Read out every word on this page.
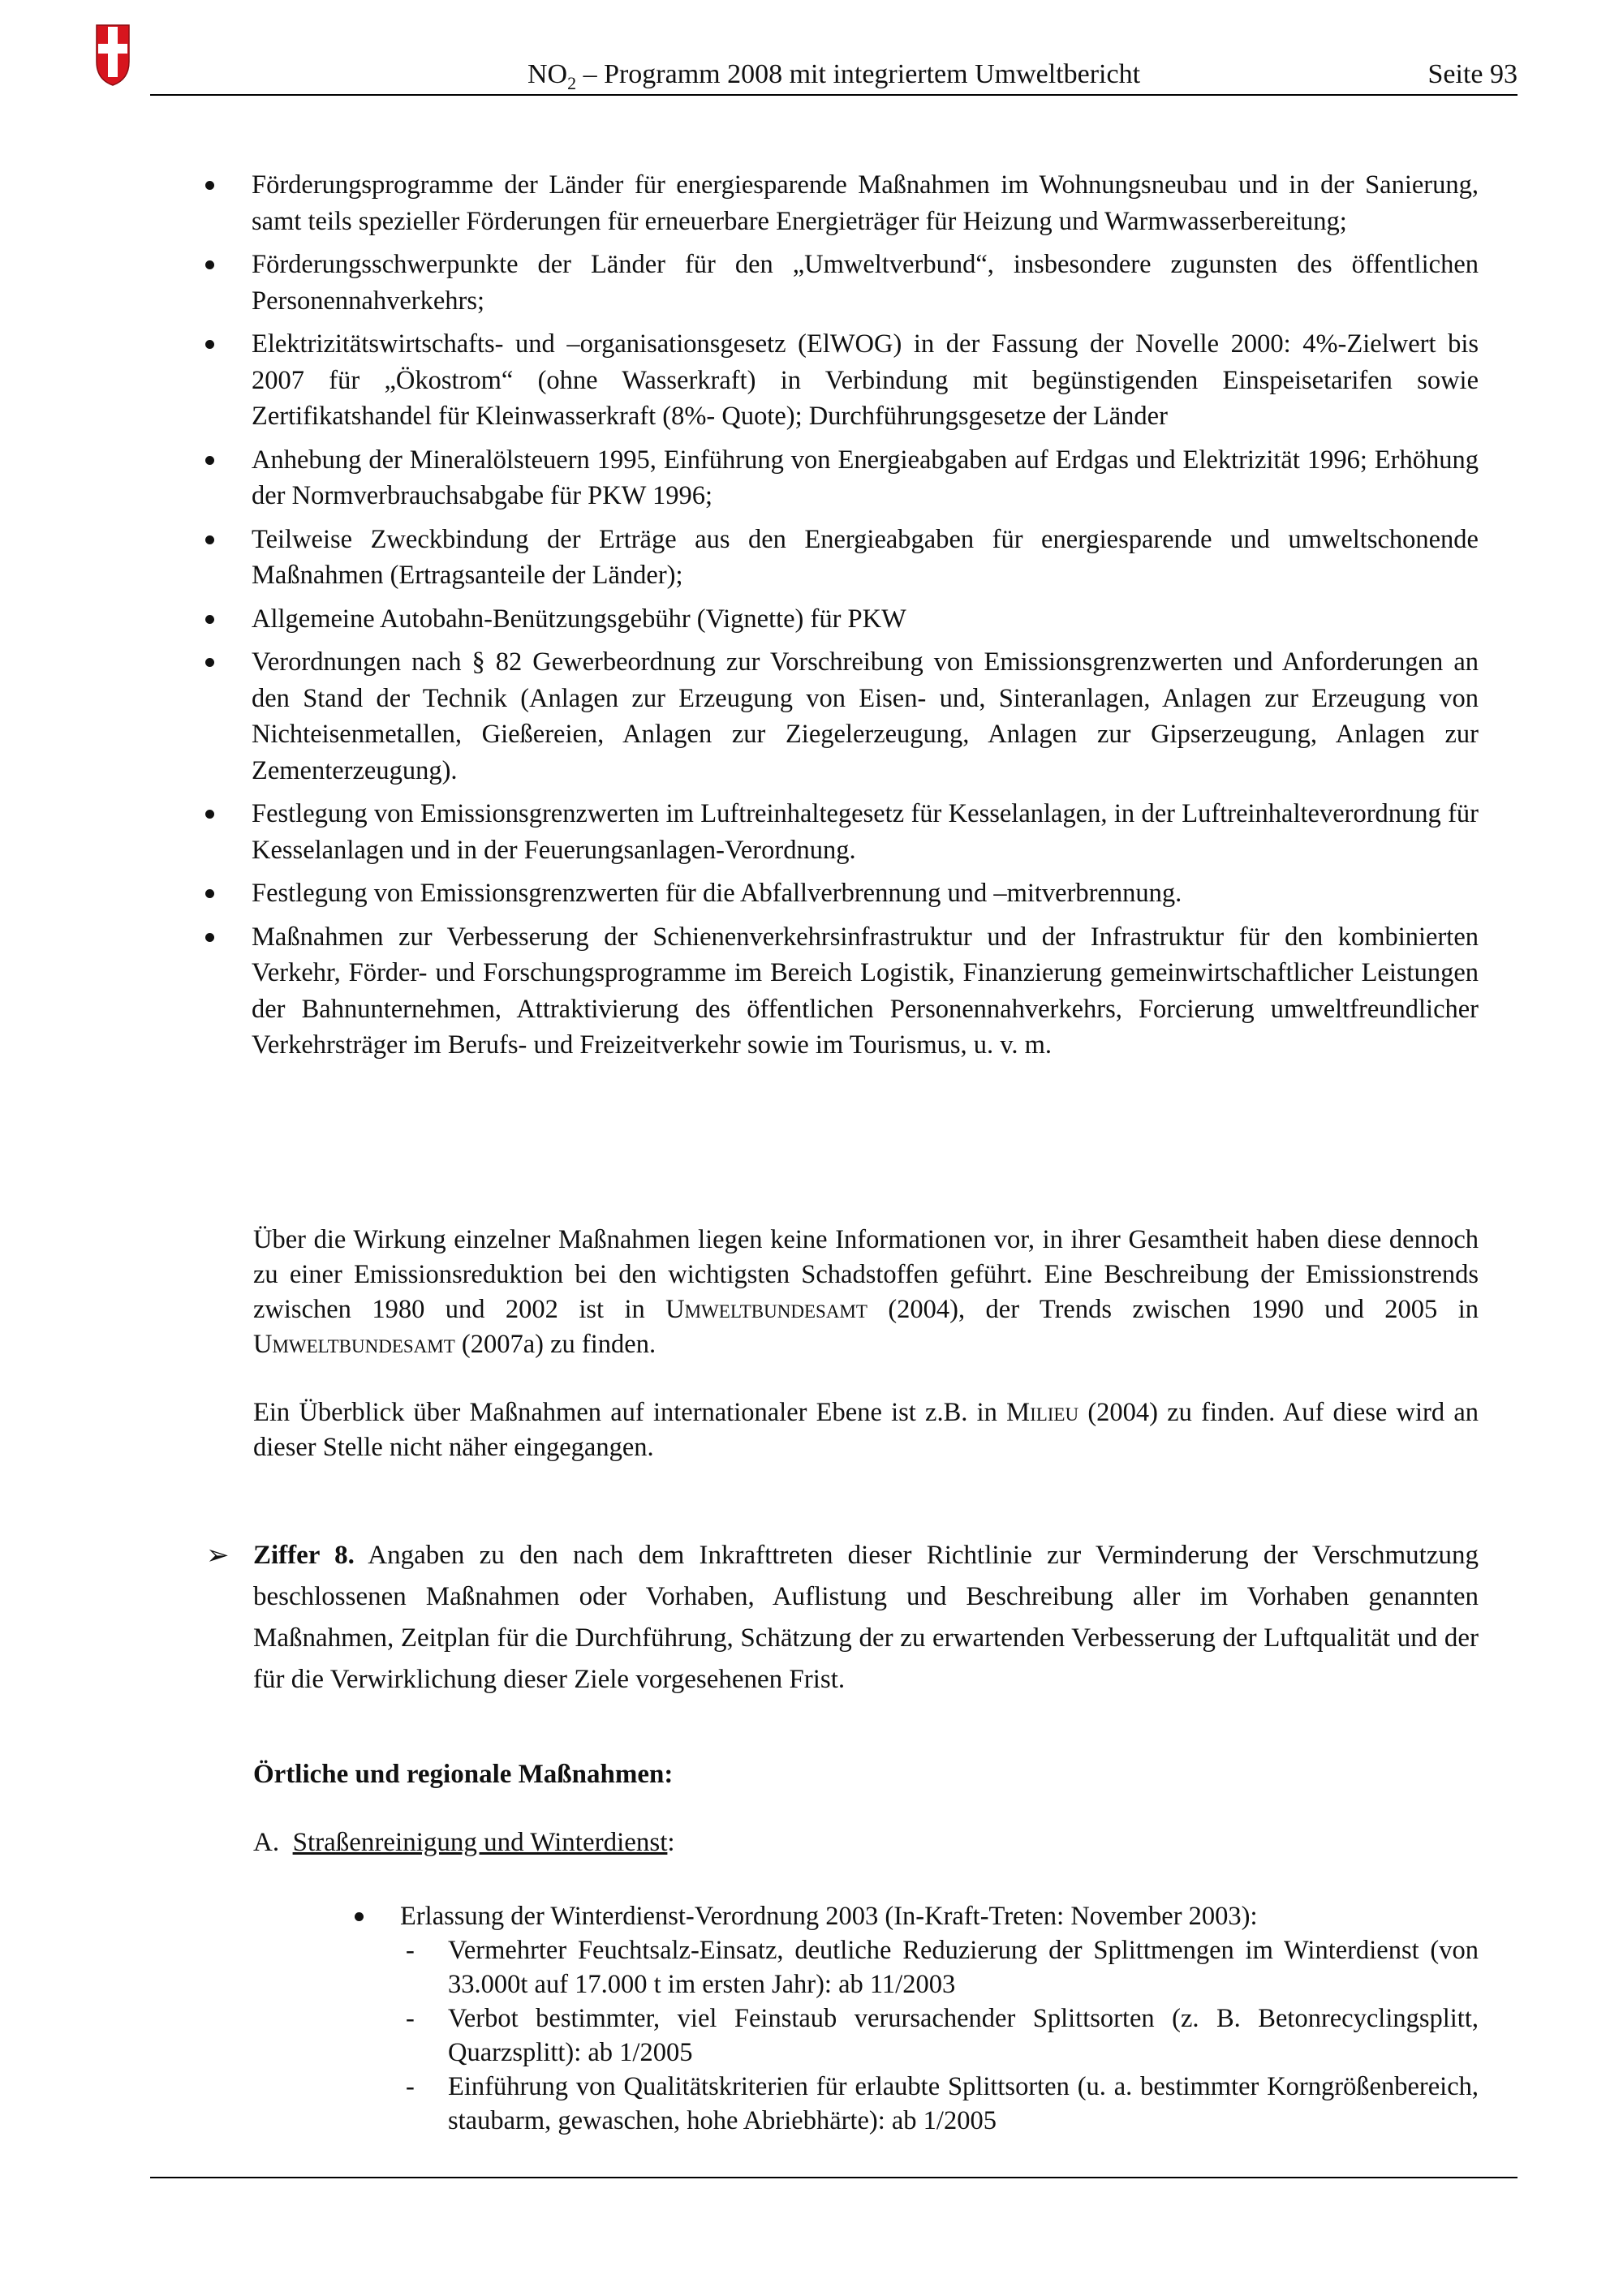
$NO_2$ – Programm 2008 mit integriertem Umweltbericht	Seite 93
Förderungsprogramme der Länder für energiesparende Maßnahmen im Wohnungsneubau und in der Sanierung, samt teils spezieller Förderungen für erneuerbare Energieträger für Heizung und Warmwasserbereitung;
Förderungsschwerpunkte der Länder für den „Umweltverbund“, insbesondere zugunsten des öffentlichen Personennahverkehrs;
Elektrizitätswirtschafts- und –organisationsgesetz (ElWOG) in der Fassung der Novelle 2000: 4%-Zielwert bis 2007 für „Ökostrom“ (ohne Wasserkraft) in Verbindung mit begünstigenden Einspeisetarifen sowie Zertifikatshandel für Kleinwasserkraft (8%- Quote); Durchführungsgesetze der Länder
Anhebung der Mineralölsteuern 1995, Einführung von Energieabgaben auf Erdgas und Elektrizität 1996; Erhöhung der Normverbrauchsabgabe für PKW 1996;
Teilweise Zweckbindung der Erträge aus den Energieabgaben für energiesparende und umweltschonende Maßnahmen (Ertragsanteile der Länder);
Allgemeine Autobahn-Benützungsgebühr (Vignette) für PKW
Verordnungen nach § 82 Gewerbeordnung zur Vorschreibung von Emissionsgrenzwerten und Anforderungen an den Stand der Technik (Anlagen zur Erzeugung von Eisen- und, Sinteranlagen, Anlagen zur Erzeugung von Nichteisenmetallen, Gießereien, Anlagen zur Ziegelerzeugung, Anlagen zur Gipserzeugung, Anlagen zur Zementerzeugung).
Festlegung von Emissionsgrenzwerten im Luftreinhaltegesetz für Kesselanlagen, in der Luftreinhalteverordnung für Kesselanlagen und in der Feuerungsanlagen-Verordnung.
Festlegung von Emissionsgrenzwerten für die Abfallverbrennung und –mitverbrennung.
Maßnahmen zur Verbesserung der Schienenverkehrsinfrastruktur und der Infrastruktur für den kombinierten Verkehr, Förder- und Forschungsprogramme im Bereich Logistik, Finanzierung gemeinwirtschaftlicher Leistungen der Bahnunternehmen, Attraktivierung des öffentlichen Personennahverkehrs, Forcierung umweltfreundlicher Verkehrsträger im Berufs- und Freizeitverkehr sowie im Tourismus, u. v. m.

Über die Wirkung einzelner Maßnahmen liegen keine Informationen vor, in ihrer Gesamtheit haben diese dennoch zu einer Emissionsreduktion bei den wichtigsten Schadstoffen geführt. Eine Beschreibung der Emissionstrends zwischen 1980 und 2002 ist in Umweltbundesamt (2004), der Trends zwischen 1990 und 2005 in Umweltbundesamt (2007a) zu finden.

Ein Überblick über Maßnahmen auf internationaler Ebene ist z.B. in Milieu (2004) zu finden. Auf diese wird an dieser Stelle nicht näher eingegangen.

➢ Ziffer 8. Angaben zu den nach dem Inkrafttreten dieser Richtlinie zur Verminderung der Verschmutzung beschlossenen Maßnahmen oder Vorhaben, Auflistung und Beschreibung aller im Vorhaben genannten Maßnahmen, Zeitplan für die Durchführung, Schätzung der zu erwartenden Verbesserung der Luftqualität und der für die Verwirklichung dieser Ziele vorgesehenen Frist.

Örtliche und regionale Maßnahmen:

A. Straßenreinigung und Winterdienst:

Erlassung der Winterdienst-Verordnung 2003 (In-Kraft-Treten: November 2003):

- Vermehrter Feuchtsalz-Einsatz, deutliche Reduzierung der Splittmengen im Winterdienst (von 33.000t auf 17.000 t im ersten Jahr): ab 11/2003
- Verbot bestimmter, viel Feinstaub verursachender Splittsorten (z. B. Betonrecyclingsplitt, Quarzsplitt): ab 1/2005
- Einführung von Qualitätskriterien für erlaubte Splittsorten (u. a. bestimmter Korngrößenbereich, staubarm, gewaschen, hohe Abriebhärte): ab 1/2005
